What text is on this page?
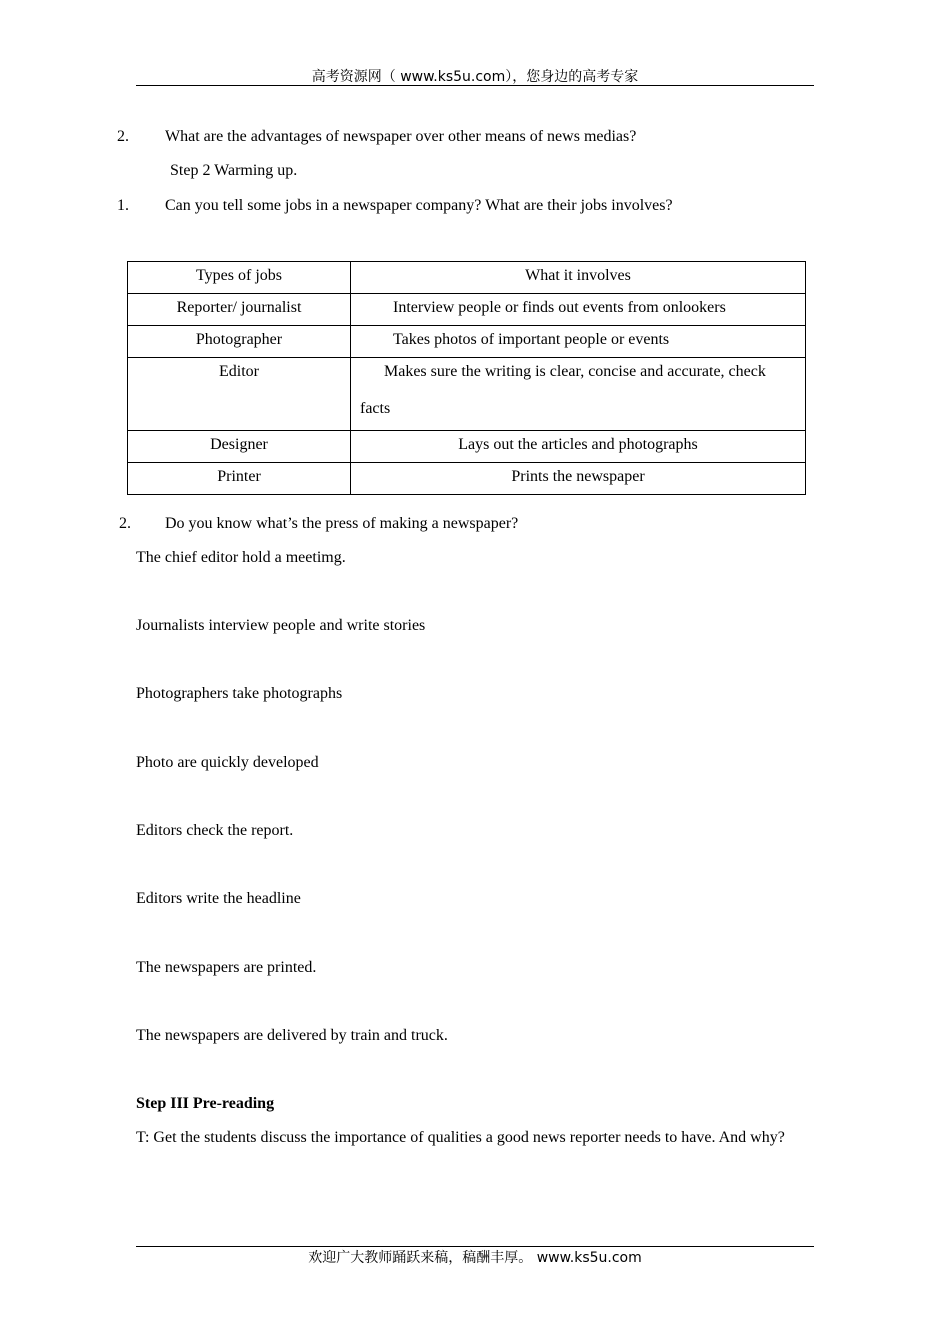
高考资源网（ www.ks5u.com），您身边的高考专家
2. What are the advantages of newspaper over other means of news medias?
Step 2 Warming up.
1. Can you tell some jobs in a newspaper company? What are their jobs involves?
Types of jobs	What it involves

Reporter/ journalist	Interview people or finds out events from onlookers

Photographer	Takes photos of important people or events

Editor	Makes sure the writing is clear, concise and accurate, check
facts

Designer	Lays out the articles and photographs

Printer	Prints the newspaper
2. Do you know what’s the press of making a newspaper?
The chief editor hold a meetimg.
Journalists interview people and write stories
Photographers take photographs
Photo are quickly developed
Editors check the report.
Editors write the headline
The newspapers are printed.
The newspapers are delivered by train and truck.
Step III Pre-reading
T: Get the students discuss the importance of qualities a good news reporter needs to have. And why?
欢迎广大教师踊跃来稿，稿酬丰厚。 www.ks5u.com
